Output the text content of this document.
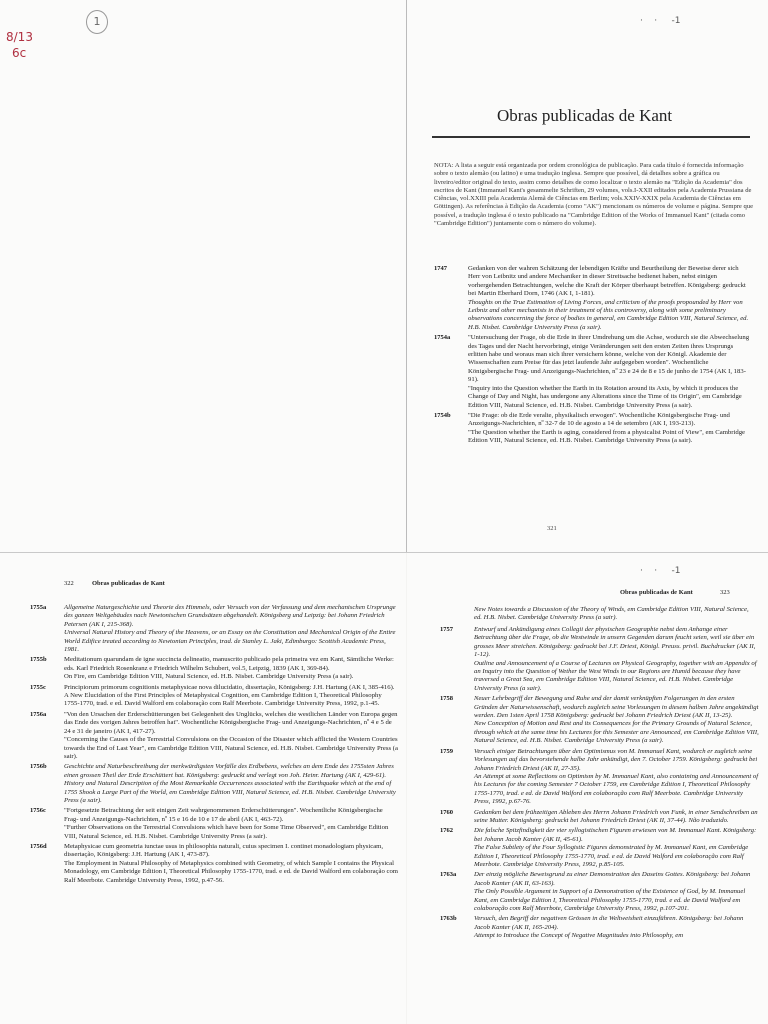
8/13
6c
1	·    ·     -1
·    ·     -1
Obras publicadas de Kant
NOTA: A lista a seguir está organizada por ordem cronológica de publicação. Para cada título é fornecida informação sobre o texto alemão (ou latino) e uma tradução inglesa. Sempre que possível, dá detalhes sobre a gráfica ou livreiro/editor original do texto, assim como detalhes de como localizar o texto alemão na "Edição da Academia" dos escritos de Kant (Immanuel Kant's gesammelte Schriften, 29 volumes, vols.I-XXII editados pela Academia Prussiana de Ciências, vol.XXIII pela Academia Alemã de Ciências em Berlim; vols.XXIV-XXIX pela Academia de Ciências em Göttingen). As referências à Edição da Academia (como "AK") mencionam os números de volume e página. Sempre que possível, a tradução inglesa é o texto publicado na "Cambridge Edition of the Works of Immanuel Kant" (citada como "Cambridge Edition") juntamente com o número do volume).
1747	Gedanken von der wahren Schätzung der lebendigen Kräfte und Beurtheilung der Beweise derer sich Herr von Leibnitz und andere Mechaniker in dieser Streitsache bedienet haben, nebst einigen vorhergehenden Betrachtungen, welche die Kraft der Körper überhaupt betreffen. Königsberg: gedruckt bei Martin Eberhard Dorn, 1746 (AK I, 1-181).

Thoughts on the True Estimation of Living Forces, and criticism of the proofs propounded by Herr von Leibniz and other mechanists in their treatment of this controversy, along with some preliminary observations concerning the force of bodies in general, em Cambridge Edition VIII, Natural Science, ed. H.B. Nisbet. Cambridge University Press (a sair).

1754a	"Untersuchung der Frage, ob die Erde in ihrer Umdrehung um die Achse, wodurch sie die Abwechselung des Tages und der Nacht hervorbringt, einige Veränderungen seit den ersten Zeiten ihres Ursprungs erlitten habe und woraus man sich ihrer versichern könne, welche von der Königl. Akademie der Wissenschaften zum Preise für das jetzt laufende Jahr aufgegeben worden". Wochentliche Königsbergische Frag- und Anzeigungs-Nachrichten, nº 23 e 24 de 8 e 15 de junho de 1754 (AK I, 183-91).

"Inquiry into the Question whether the Earth in its Rotation around its Axis, by which it produces the Change of Day and Night, has undergone any Alterations since the Time of its Origin", em Cambridge Edition VIII, Natural Science, ed. H.B. Nisbet. Cambridge University Press (a sair).

1754b	"Die Frage: ob die Erde veralte, physikalisch erwogen". Wochentliche Königsbergische Frag- und Anzeigungs-Nachrichten, nº 32-7 de 10 de agosto a 14 de setembro (AK I, 193-213).

"The Question whether the Earth is aging, considered from a physicalist Point of View", em Cambridge Edition VIII, Natural Science, ed. H.B. Nisbet. Cambridge University Press (a sair).

321
322	Obras publicadas de Kant
1755a	Allgemeine Naturgeschichte und Theorie des Himmels, oder Versuch von der Verfassung und dem mechanischen Ursprunge des ganzen Weltgebäudes nach Newtonischen Grundsätzen abgehandelt. Königsberg und Leipzig: bei Johann Friedrich Petersen (AK I, 215-368).

Universal Natural History and Theory of the Heavens, or an Essay on the Constitution and Mechanical Origin of the Entire World Edifice treated according to Newtonian Principles, trad. de Stanley L. Jaki, Edimburgo: Scottish Academic Press, 1981.

1755b	Meditationum quarundam de igne succincta delineatio, manuscrito publicado pela primeira vez em Kant, Sämtliche Werke: eds. Karl Friedrich Rosenkranz e Friedrich Wilhelm Schubert, vol.5, Leipzig, 1839 (AK I, 369-84).

On Fire, em Cambridge Edition VIII, Natural Science, ed. H.B. Nisbet. Cambridge University Press (a sair).

1755c	Principiorum primorum cognitionis metaphysicae nova dilucidatio, dissertação, Königsberg: J.H. Hartung (AK I, 385-416).

A New Elucidation of the First Principles of Metaphysical Cognition, em Cambridge Edition I, Theoretical Philosophy 1755-1770, trad. e ed. David Walford em colaboração com Ralf Meerbote. Cambridge University Press, 1992, p.1-45.

1756a	"Von den Ursachen der Erderschütterungen bei Gelegenheit des Unglücks, welches die westlichen Länder von Europa gegen das Ende des vorigen Jahres betroffen hat". Wochentliche Königsbergische Frag- und Anzeigungs-Nachrichten, nº 4 e 5 de 24 e 31 de janeiro (AK I, 417-27).

"Concerning the Causes of the Terrestrial Convulsions on the Occasion of the Disaster which afflicted the Western Countries towards the End of Last Year", em Cambridge Edition VIII, Natural Science, ed. H.B. Nisbet. Cambridge University Press (a sair).

1756b	Geschichte und Naturbeschreibung der merkwürdigsten Vorfälle des Erdbebens, welches an dem Ende des 1755sten Jahres einen grossen Theil der Erde Erschüttert hat. Königsberg: gedruckt und verlegt von Joh. Heinr. Hartung (AK I, 429-61).

History and Natural Description of the Most Remarkable Occurrences associated with the Earthquake which at the end of 1755 Shook a Large Part of the World, em Cambridge Edition VIII, Natural Science, ed. H.B. Nisbet. Cambridge University Press (a sair).

1756c	"Fortgesetzte Betrachtung der seit einigen Zeit wahrgenommenen Erderschütterungen". Wochentliche Königsbergische Frag- und Anzeigungs-Nachrichten, nº 15 e 16 de 10 e 17 de abril (AK I, 463-72).

"Further Observations on the Terrestrial Convulsions which have been for Some Time Observed", em Cambridge Edition VIII, Natural Science, ed. H.B. Nisbet. Cambridge University Press (a sair).

1756d	Metaphysicae cum geometria iunctae usus in philosophia naturali, cuius specimen I. continet monadologiam physicam, dissertação, Königsberg: J.H. Hartung (AK I, 473-87).

The Employment in Natural Philosophy of Metaphysics combined with Geometry, of which Sample I contains the Physical Monadology, em Cambridge Edition I, Theoretical Philosophy 1755-1770, trad. e ed. de David Walford em colaboração com Ralf Meerbote. Cambridge University Press, 1992, p.47-56.

Obras publicadas de Kant	323

New Notes towards a Discussion of the Theory of Winds, em Cambridge Edition VIII, Natural Science, ed. H.B. Nisbet. Cambridge University Press (a sair).

1757	Entwurf und Ankündigung eines Collegii der physischen Geographie nebst dem Anhange einer Betrachtung über die Frage, ob die Westwinde in unsern Gegenden darum feucht seien, weil sie über ein grosses Meer streichen. Königsberg: gedruckt bei J.F. Driest, Königl. Preuss. privil. Buchdrucker (AK II, 1-12).

Outline and Announcement of a Course of Lectures on Physical Geography, together with an Appendix of an Inquiry into the Question of Wether the West Winds in our Regions are Humid because they have traversed a Great Sea, em Cambridge Edition VIII, Natural Science, ed. H.B. Nisbet. Cambridge University Press (a sair).

1758	Neuer Lehrbegriff der Bewegung und Ruhe und der damit verknüpften Folgerungen in den ersten Gründen der Naturwissenschaft, wodurch zugleich seine Vorlesungen in diesem halben Jahre angekündigt werden. Den 1sten April 1758 Königsberg: gedruckt bei Johann Friedrich Driest (AK II, 13-25).

New Conception of Motion and Rest and its Consequences for the Primary Grounds of Natural Science, through which at the same time his Lectures for this Semester are Announced, em Cambridge Edition VIII, Natural Science, ed. H.B. Nisbet. Cambridge University Press (a sair).

1759	Versuch einiger Betrachtungen über den Optimismus von M. Immanuel Kant, wodurch er zugleich seine Vorlesungen auf das bevorstehende halbe Jahr ankündigt, den 7. October 1759. Königsberg: gedruckt bei Johann Friedrich Driest (AK II, 27-35).

An Attempt at some Reflections on Optimism by M. Immanuel Kant, also containing and Announcement of his Lectures for the coming Semester 7 October 1759, em Cambridge Edition I, Theoretical Philosophy 1755-1770, trad. e ed. de David Walford em colaboração com Ralf Meerbote. Cambridge University Press, 1992, p.67-76.

1760	Gedanken bei dem frühzeitigen Ableben des Herrn Johann Friedrich von Funk, in einer Sendschreiben an seine Mutter. Königsberg: gedruckt bei Johann Friedrich Driest (AK II, 37-44). Não traduzido.

1762	Die falsche Spitzfindigkeit der vier syllogistischen Figuren erwiesen von M. Immanuel Kant. Königsberg: bei Johann Jacob Kanter (AK II, 45-61).

The False Subtlety of the Four Syllogistic Figures demonstrated by M. Immanuel Kant, em Cambridge Edition I, Theoretical Philosophy 1755-1770, trad. e ed. de David Walford em colaboração com Ralf Meerbote. Cambridge University Press, 1992, p.85-105.

1763a	Der einzig mögliche Beweisgrund zu einer Demonstration des Daseins Gottes. Königsberg: bei Johann Jacob Kanter (AK II, 63-163).

The Only Possible Argument in Support of a Demonstration of the Existence of God, by M. Immanuel Kant, em Cambridge Edition I, Theoretical Philosophy 1755-1770, trad. e ed. de David Walford em colaboração com Ralf Meerbote, Cambridge University Press, 1992, p.107-201.

1763b	Versuch, den Begriff der negativen Grössen in die Weltweisheit einzuführen. Königsberg: bei Johann Jacob Kanter (AK II, 165-204).

Attempt to Introduce the Concept of Negative Magnitudes into Philosophy, em
